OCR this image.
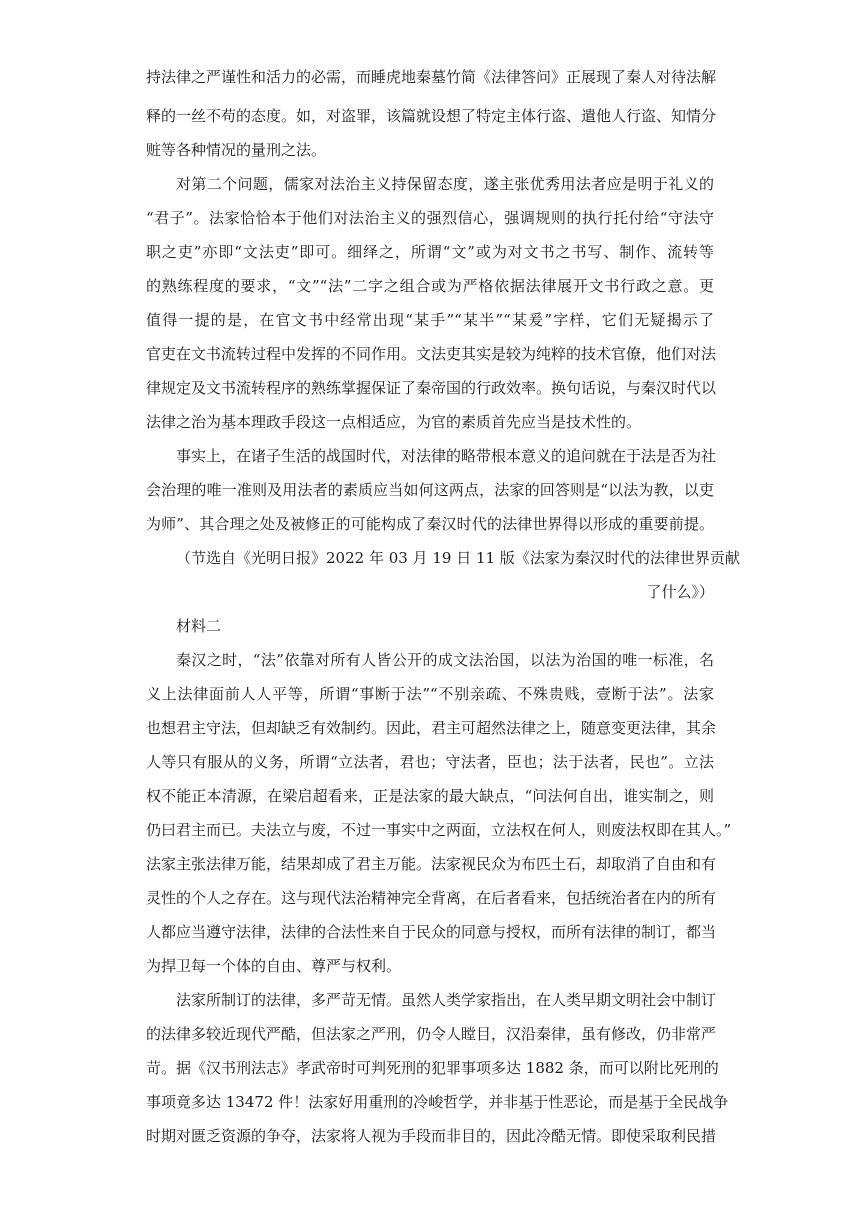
持法律之严谨性和活力的必需，而睡虎地秦墓竹简《法律答问》正展现了秦人对待法解
释的一丝不苟的态度。如，对盗罪，该篇就设想了特定主体行盗、遣他人行盗、知情分
赃等各种情况的量刑之法。
对第二个问题，儒家对法治主义持保留态度，遂主张优秀用法者应是明于礼义的
“君子”。法家恰恰本于他们对法治主义的强烈信心，强调规则的执行托付给“守法守
职之吏”亦即“文法吏”即可。细绎之，所谓“文”或为对文书之书写、制作、流转等
的熟练程度的要求，“文”“法”二字之组合或为严格依据法律展开文书行政之意。更
值得一提的是，在官文书中经常出现“某手”“某半”“某爰”字样，它们无疑揭示了
官吏在文书流转过程中发挥的不同作用。文法吏其实是较为纯粹的技术官僚，他们对法
律规定及文书流转程序的熟练掌握保证了秦帝国的行政效率。换句话说，与秦汉时代以
法律之治为基本理政手段这一点相适应，为官的素质首先应当是技术性的。
事实上，在诸子生活的战国时代，对法律的略带根本意义的追问就在于法是否为社
会治理的唯一准则及用法者的素质应当如何这两点，法家的回答则是“以法为教，以吏
为师”、其合理之处及被修正的可能构成了秦汉时代的法律世界得以形成的重要前提。
（节选自《光明日报》2022 年 03 月 19 日 11 版《法家为秦汉时代的法律世界贡献
了什么》）
材料二
秦汉之时，“法”依靠对所有人皆公开的成文法治国，以法为治国的唯一标准，名
义上法律面前人人平等，所谓“事断于法”“不别亲疏、不殊贵贱，壹断于法”。法家
也想君主守法，但却缺乏有效制约。因此，君主可超然法律之上，随意变更法律，其余
人等只有服从的义务，所谓“立法者，君也；守法者，臣也；法于法者，民也”。立法
权不能正本清源，在梁启超看来，正是法家的最大缺点，“问法何自出，谁实制之，则
仍曰君主而已。夫法立与废，不过一事实中之两面，立法权在何人，则废法权即在其人。”
法家主张法律万能，结果却成了君主万能。法家视民众为布匹土石，却取消了自由和有
灵性的个人之存在。这与现代法治精神完全背离，在后者看来，包括统治者在内的所有
人都应当遵守法律，法律的合法性来自于民众的同意与授权，而所有法律的制订，都当
为捍卫每一个体的自由、尊严与权利。
法家所制订的法律，多严苛无情。虽然人类学家指出，在人类早期文明社会中制订
的法律多较近现代严酷，但法家之严刑，仍令人瞠目，汉沿秦律，虽有修改，仍非常严
苛。据《汉书刑法志》孝武帝时可判死刑的犯罪事项多达 1882 条，而可以附比死刑的
事项竟多达 13472 件！法家好用重刑的冷峻哲学，并非基于性恶论，而是基于全民战争
时期对匮乏资源的争夺，法家将人视为手段而非目的，因此冷酷无情。即使采取利民措
